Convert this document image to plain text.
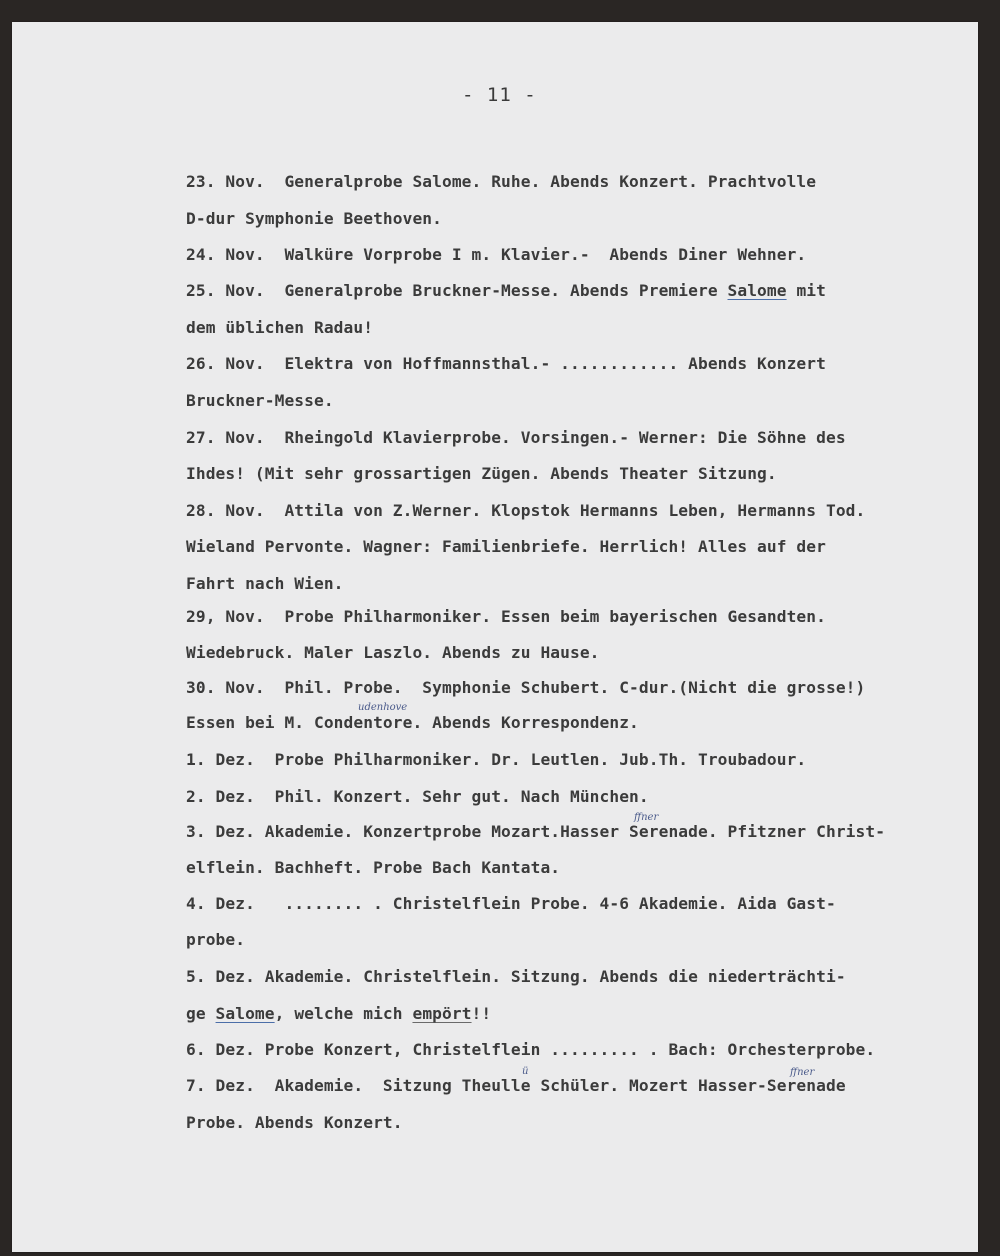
- 11 -
23. Nov.  Generalprobe Salome. Ruhe. Abends Konzert. Prachtvolle
D-dur Symphonie Beethoven.
24. Nov.  Walküre Vorprobe I m. Klavier.-  Abends Diner Wehner.
25. Nov.  Generalprobe Bruckner-Messe. Abends Premiere Salome mit
dem üblichen Radau!
26. Nov.  Elektra von Hoffmannsthal.- ............ Abends Konzert
Bruckner-Messe.
27. Nov.  Rheingold Klavierprobe. Vorsingen.- Werner: Die Söhne des
Ihdes! (Mit sehr grossartigen Zügen. Abends Theater Sitzung.
28. Nov.  Attila von Z.Werner. Klopstok Hermanns Leben, Hermanns Tod.
Wieland Pervonte. Wagner: Familienbriefe. Herrlich! Alles auf der
Fahrt nach Wien.
29, Nov.  Probe Philharmoniker. Essen beim bayerischen Gesandten.
Wiedebruck. Maler Laszlo. Abends zu Hause.
30. Nov.  Phil. Probe.  Symphonie Schubert. C-dur.(Nicht die grosse!)
Essen bei M. Condentore. Abends Korrespondenz.
1. Dez.  Probe Philharmoniker. Dr. Leutlen. Jub.Th. Troubadour.
2. Dez.  Phil. Konzert. Sehr gut. Nach München.
3. Dez. Akademie. Konzertprobe Mozart.Hasser Serenade. Pfitzner Christ-
elflein. Bachheft. Probe Bach Kantata.
4. Dez.   ........ . Christelflein Probe. 4-6 Akademie. Aida Gast-
probe.
5. Dez. Akademie. Christelflein. Sitzung. Abends die niederträchti-
ge Salome, welche mich empört!!
6. Dez. Probe Konzert, Christelflein ......... . Bach: Orchesterprobe.
7. Dez.  Akademie.  Sitzung Theulle Schüler. Mozert Hasser-Serenade
Probe. Abends Konzert.
udenhove
ffner
ü	ffner
